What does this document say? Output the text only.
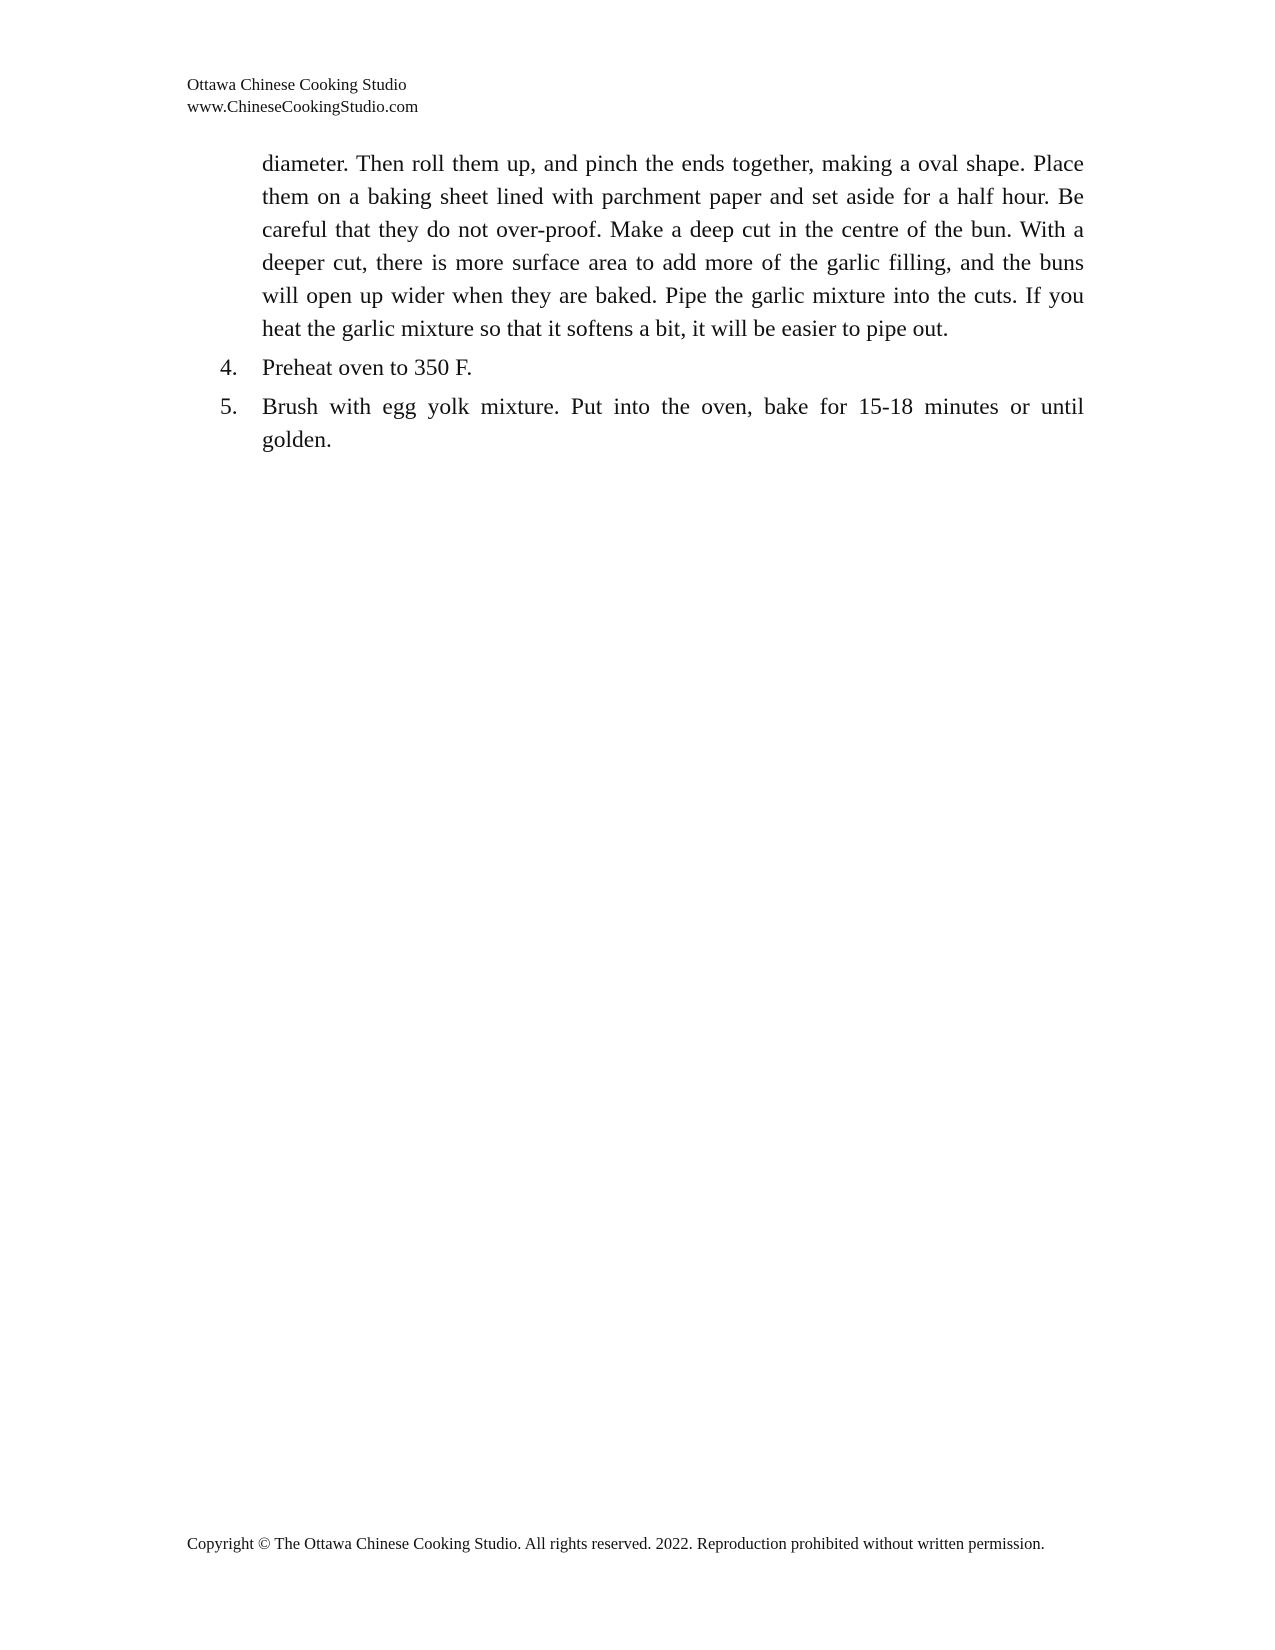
Ottawa Chinese Cooking Studio
www.ChineseCookingStudio.com
diameter. Then roll them up, and pinch the ends together, making a oval shape. Place them on a baking sheet lined with parchment paper and set aside for a half hour. Be careful that they do not over-proof. Make a deep cut in the centre of the bun. With a deeper cut, there is more surface area to add more of the garlic filling, and the buns will open up wider when they are baked. Pipe the garlic mixture into the cuts. If you heat the garlic mixture so that it softens a bit, it will be easier to pipe out.
4.	Preheat oven to 350 F.
5.	Brush with egg yolk mixture. Put into the oven, bake for 15-18 minutes or until golden.
Copyright © The Ottawa Chinese Cooking Studio. All rights reserved. 2022. Reproduction prohibited without written permission.
